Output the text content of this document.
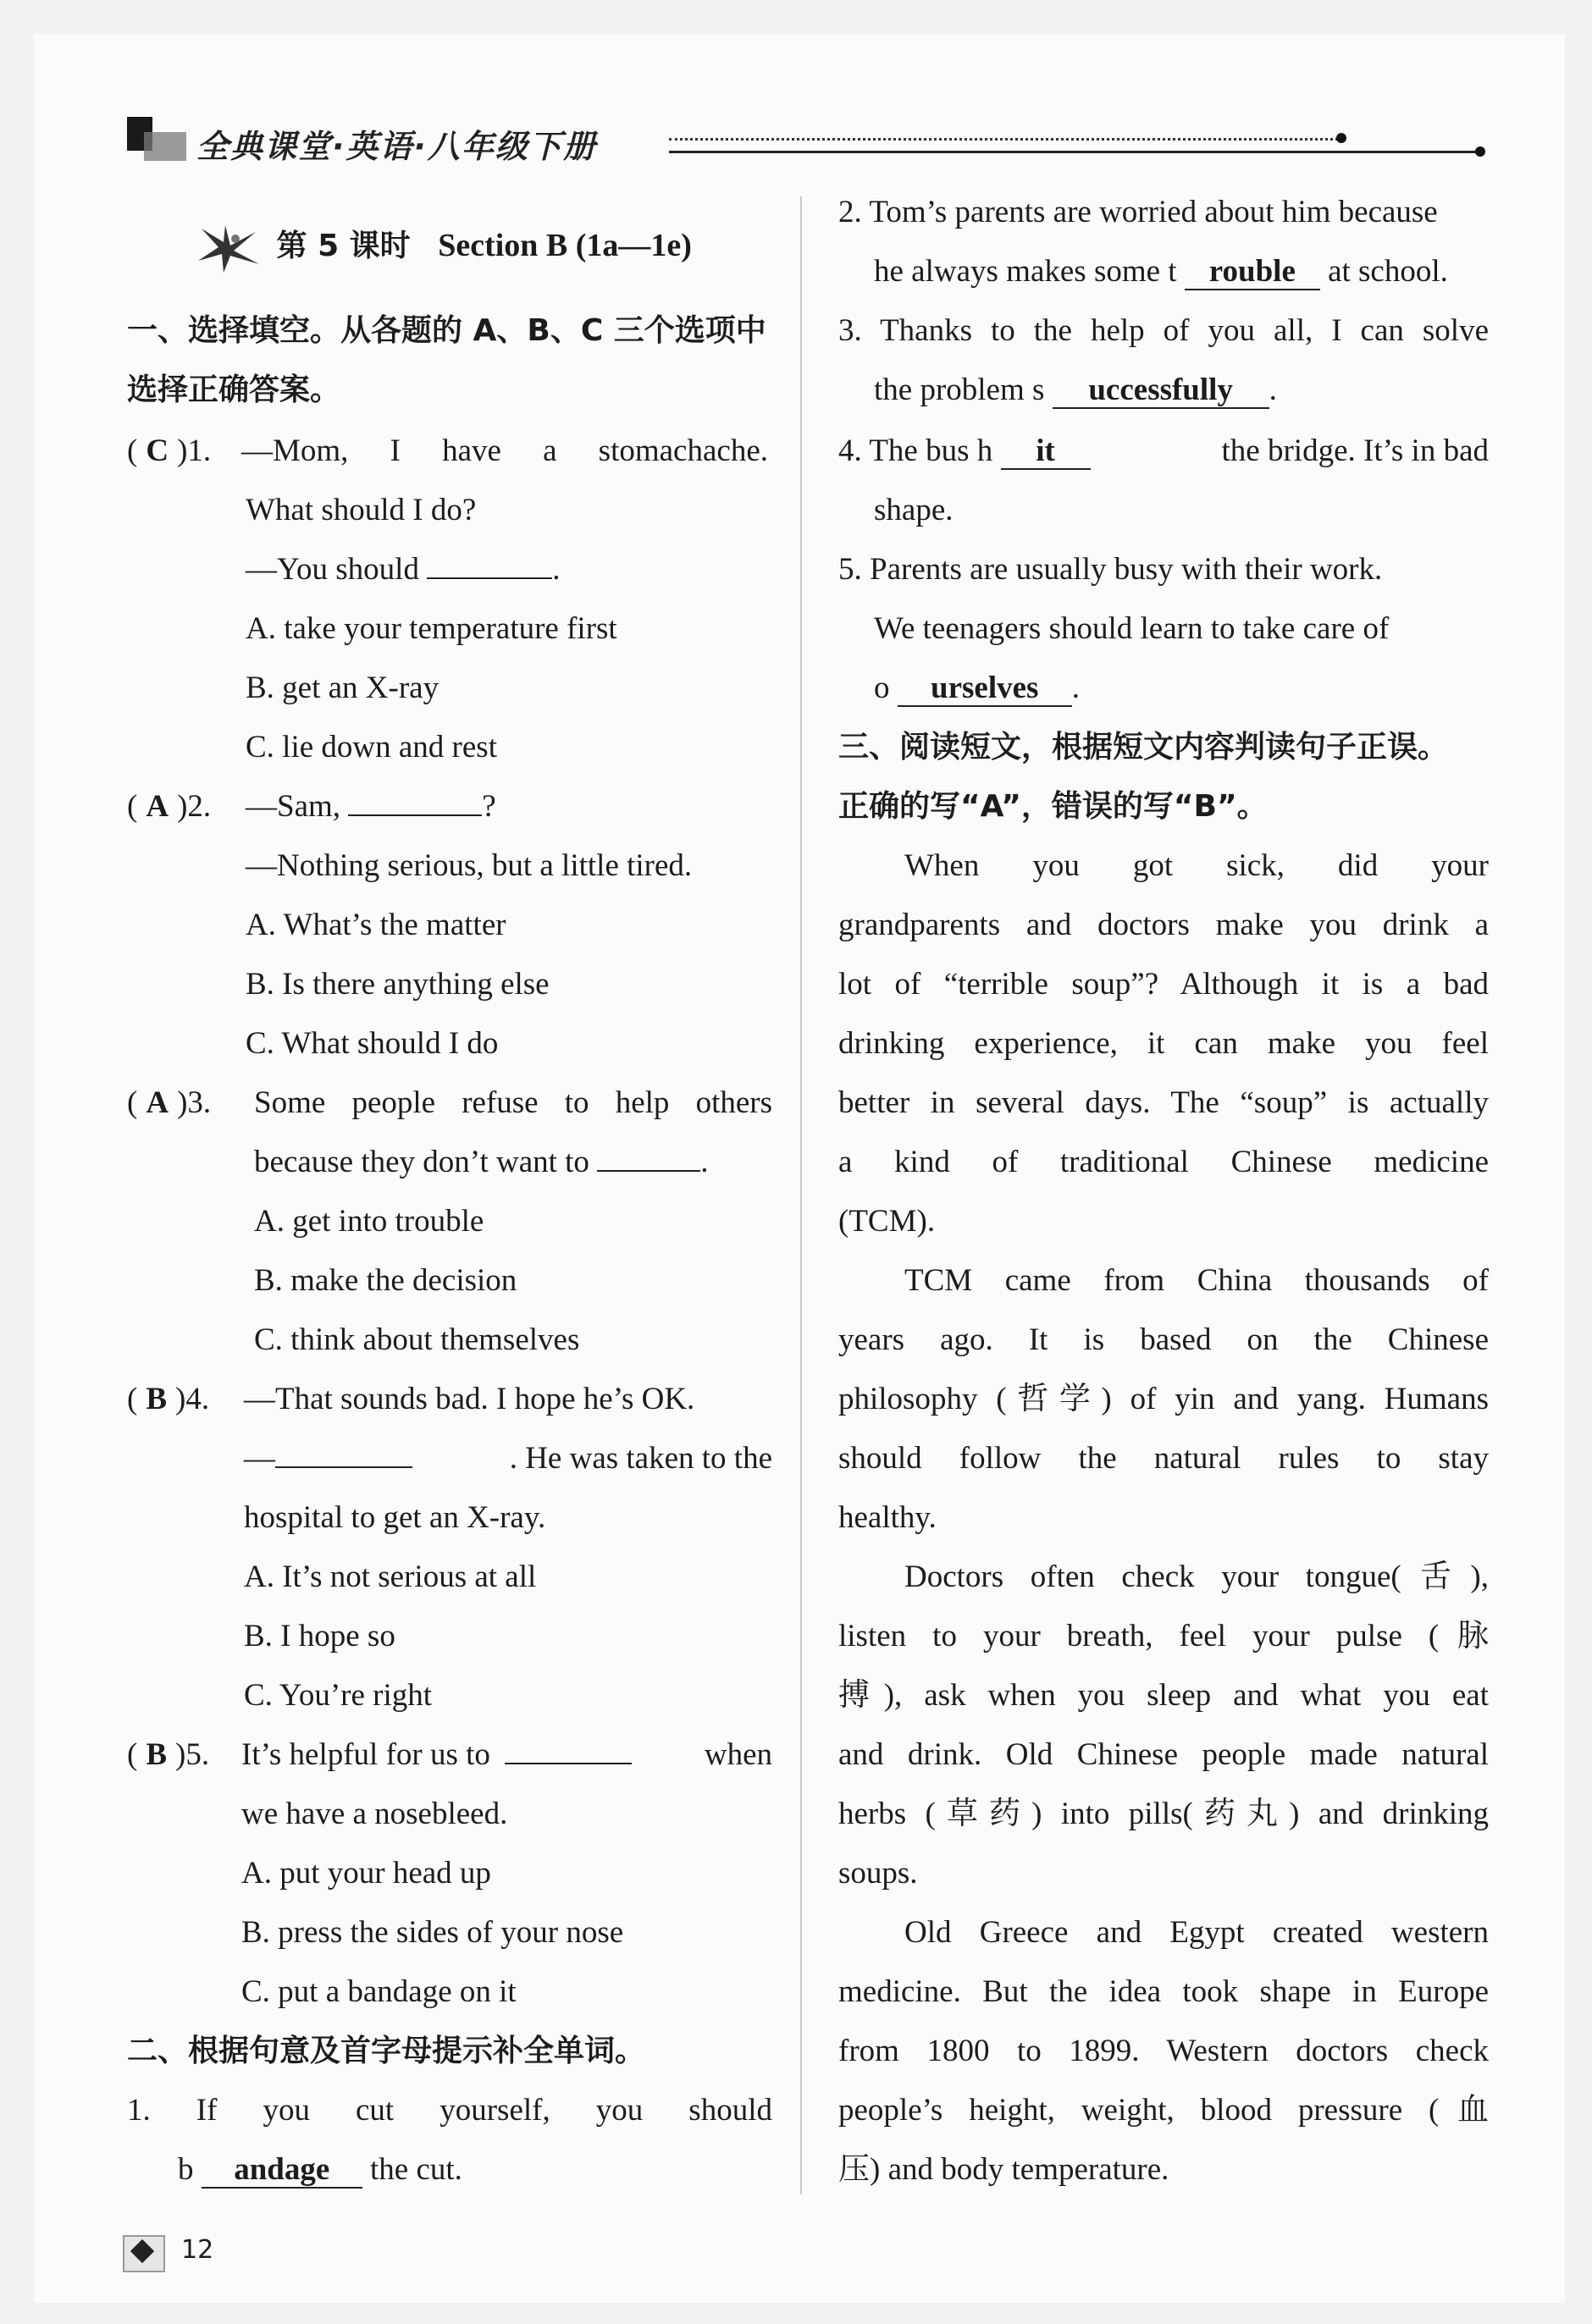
全典课堂·英语·八年级下册
第 5 课时 Section B (1a—1e)
一、选择填空。从各题的 A、B、C 三个选项中
选择正确答案。
( C )1. —Mom, I have a stomachache.
What should I do?
—You should	.
A. take your temperature first
B. get an X-ray
C. lie down and rest
( A )2. —Sam,	?
—Nothing serious, but a little tired.
A. What’s the matter
B. Is there anything else
C. What should I do
( A )3. Some people refuse to help others
because they don’t want to	.
A. get into trouble
B. make the decision
C. think about themselves
( B )4. —That sounds bad. I hope he’s OK.
—	. He was taken to the
hospital to get an X-ray.
A. It’s not serious at all
B. I hope so
C. You’re right
( B )5. It’s helpful for us to	when
we have a nosebleed.
A. put your head up
B. press the sides of your nose
C. put a bandage on it
二、根据句意及首字母提示补全单词。
1. If you cut yourself, you should
b andage the cut.
2. Tom’s parents are worried about him because
he always makes some t rouble at school.
3. Thanks to the help of you all, I can solve
the problem s uccessfully .
4. The bus h it	the bridge. It’s in bad
shape.
5. Parents are usually busy with their work.
We teenagers should learn to take care of
o urselves .
三、阅读短文，根据短文内容判读句子正误。
正确的写“A”，错误的写“B”。
When you got sick, did your
grandparents and doctors make you drink a
lot of “terrible soup”? Although it is a bad
drinking experience, it can make you feel
better in several days. The “soup” is actually
a kind of traditional Chinese medicine
(TCM).
TCM came from China thousands of
years ago. It is based on the Chinese
philosophy (哲学) of yin and yang. Humans
should follow the natural rules to stay
healthy.
Doctors often check your tongue(舌),
listen to your breath, feel your pulse (脉
搏), ask when you sleep and what you eat
and drink. Old Chinese people made natural
herbs (草药) into pills(药丸) and drinking
soups.
Old Greece and Egypt created western
medicine. But the idea took shape in Europe
from 1800 to 1899. Western doctors check
people’s height, weight, blood pressure (血
压) and body temperature.
12
